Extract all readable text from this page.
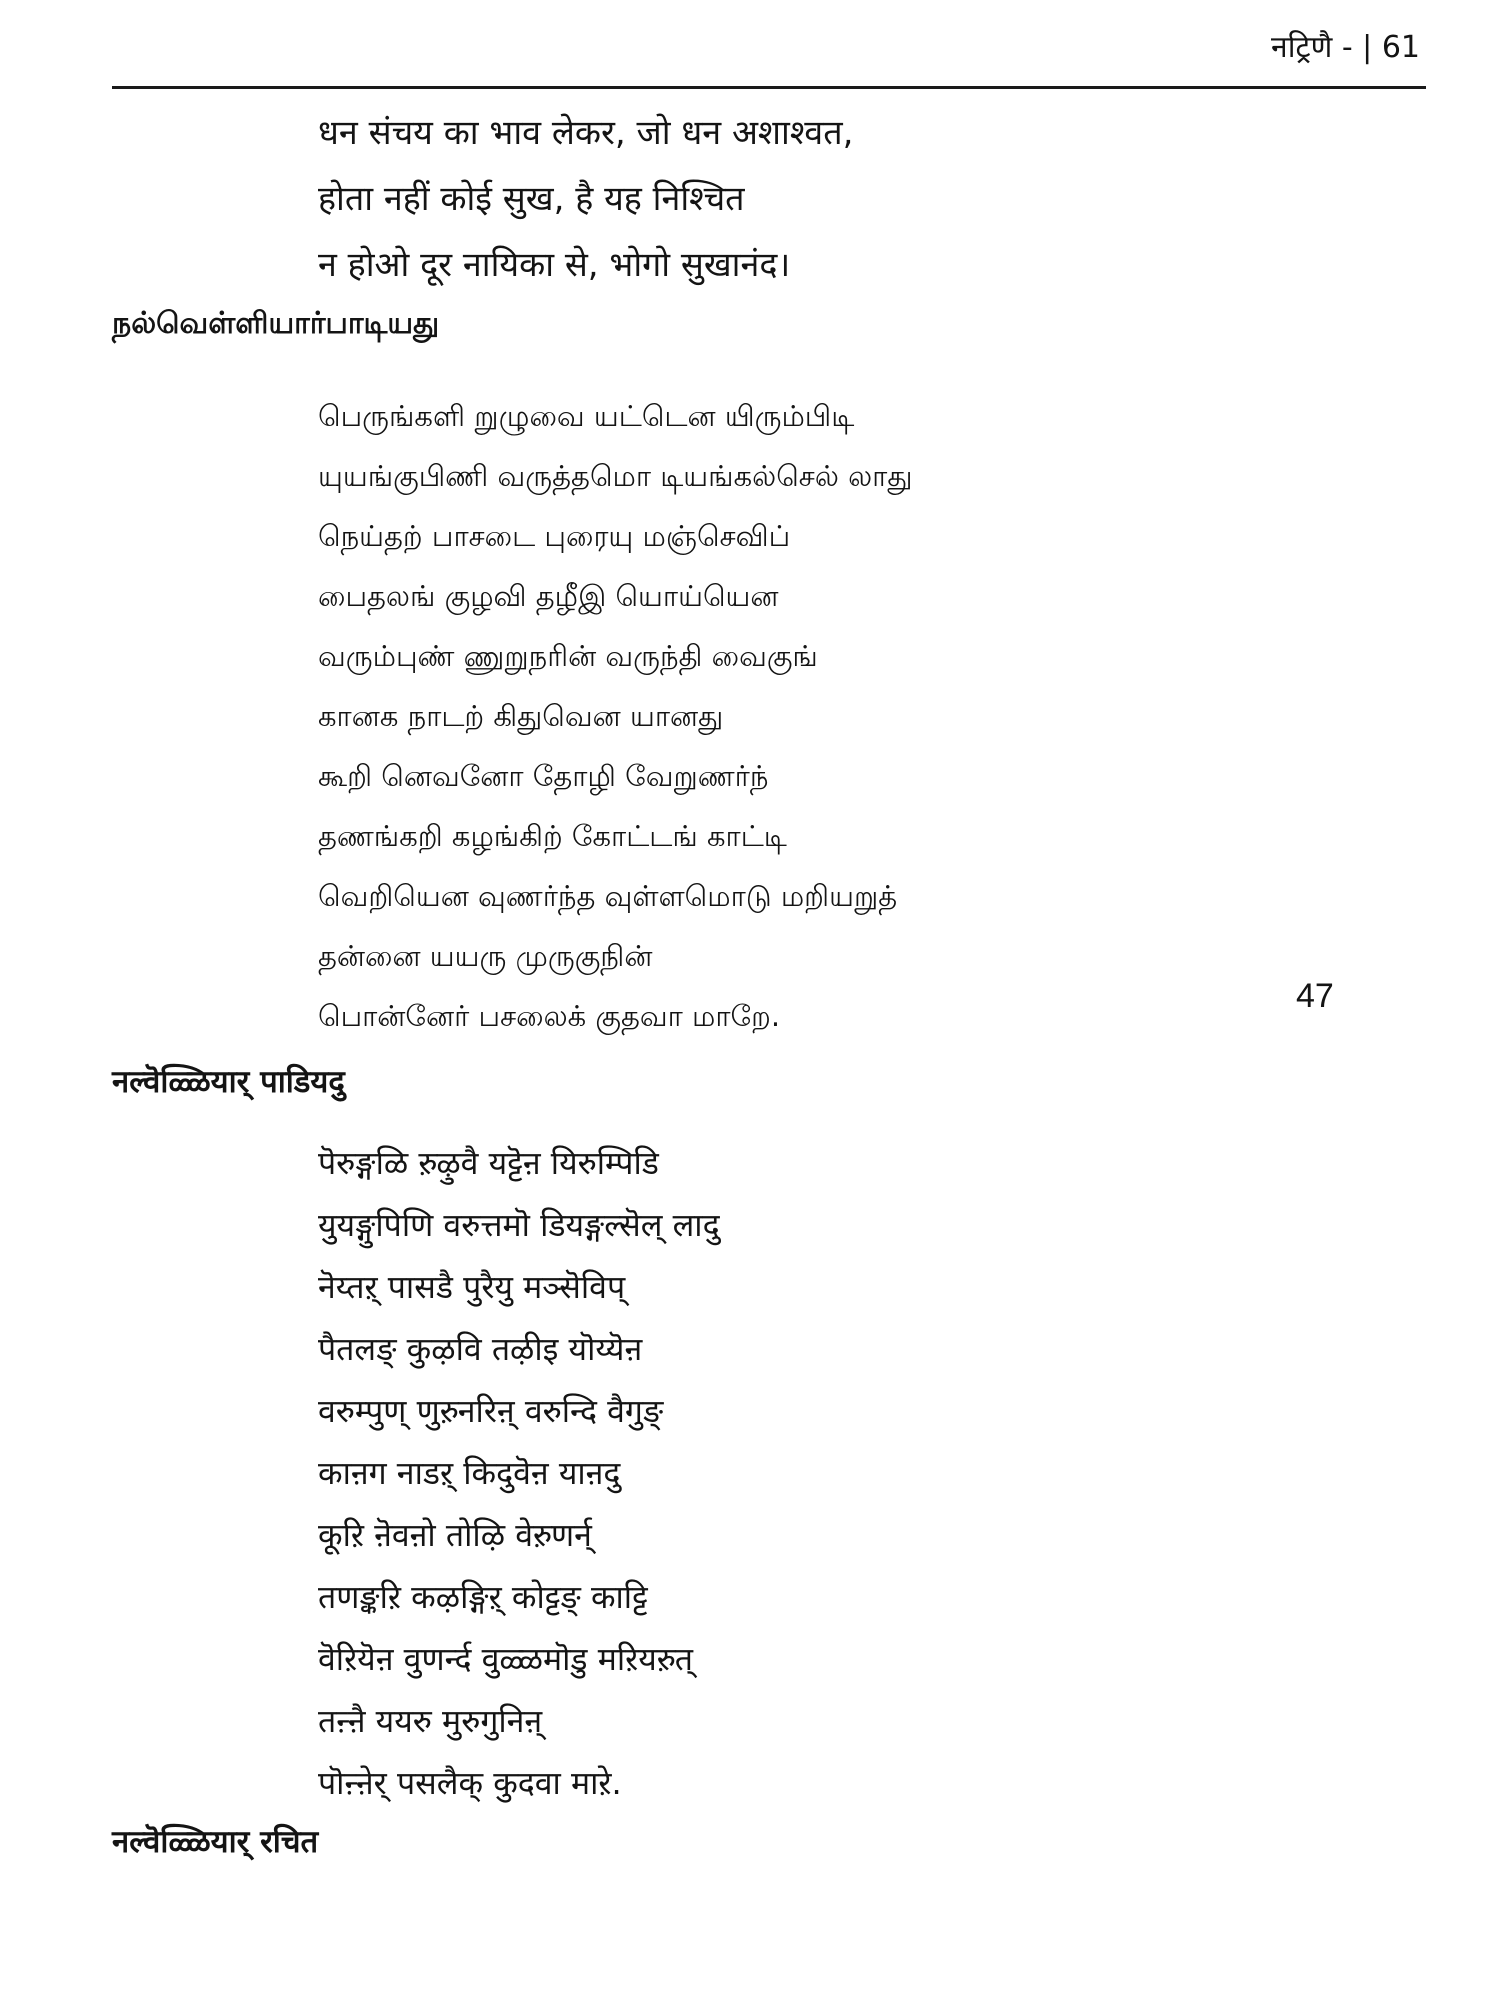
नट्रिणै - | 61
धन संचय का भाव लेकर, जो धन अशाश्वत,
होता नहीं कोई सुख, है यह निश्चित
न होओ दूर नायिका से, भोगो सुखानंद।
நல்வெள்ளியார்பாடியது
பெருங்களி றுழுவை யட்டென யிரும்பிடி
யுயங்குபிணி வருத்தமொ டியங்கல்செல் லாது
நெய்தற் பாசடை புரையு மஞ்செவிப்
பைதலங் குழவி தழீஇ யொய்யென
வரும்புண் ணுறுநரின் வருந்தி வைகுங்
கானக நாடற் கிதுவென யானது
கூறி னெவனோ தோழி வேறுணர்ந்
தணங்கறி கழங்கிற் கோட்டங் காட்டி
வெறியென வுணர்ந்த வுள்ளமொடு மறியறுத்
தன்னை யயரு முருகுநின்
பொன்னேர் பசலைக் குதவா மாறே.
47
नल्वॆळ्ळियार् पाडियदु
पॆरुङ्गळि ऱुऴुवै यट्टॆऩ यिरुम्पिडि
युयङ्गुपिणि वरुत्तमॊ डियङ्गल्सॆल् लादु
नॆय्तऱ् पासडै पुरैयु मञ्सॆविप्
पैतलङ् कुऴवि तऴीइ यॊय्यॆऩ
वरुम्पुण् णुऱुनरिऩ् वरुन्दि वैगुङ्
काऩग नाडऱ् किदुवॆऩ याऩदु
कूऱि ऩॆवऩो तोऴि वेऱुणर्न्
तणङ्कऱि कऴङ्गिऱ् कोट्टङ् काट्टि
वॆऱियॆऩ वुणर्न्द वुळ्ळमॊडु मऱियऱुत्
तऩ्ऩै ययरु मुरुगुनिऩ्
पॊऩ्ऩेर् पसलैक् कुदवा माऱे.
नल्वॆळ्ळियार् रचित
